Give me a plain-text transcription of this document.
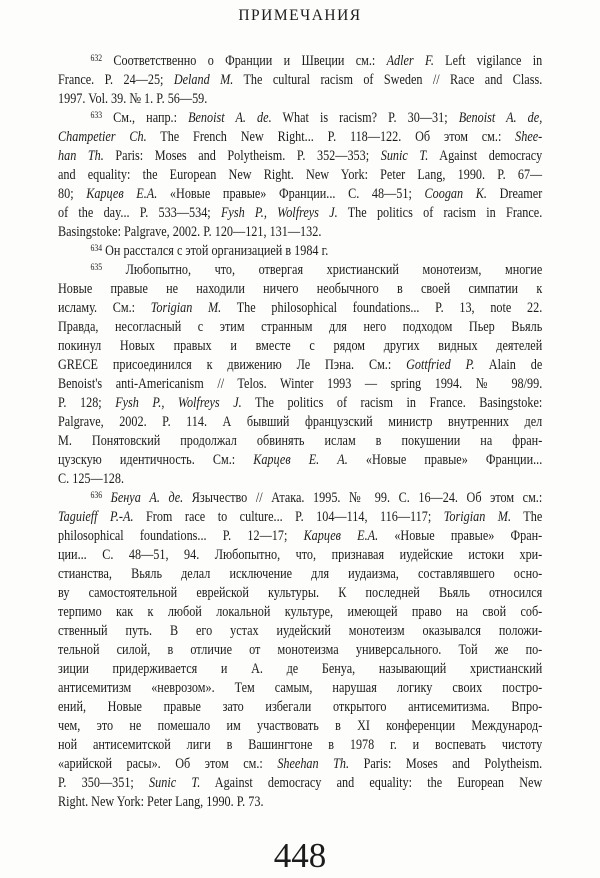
ПРИМЕЧАНИЯ
$^{632}$ Соответственно о Франции и Швеции см.: Adler F. Left vigilance in
France. P. 24—25; Deland M. The cultural racism of Sweden // Race and Class.
1997. Vol. 39. № 1. P. 56—59.
$^{633}$ См., напр.: Benoist A. de. What is racism? P. 30—31; Benoist A. de,
Champetier Ch. The French New Right... P. 118—122. Об этом см.: Shee-
han Th. Paris: Moses and Polytheism. P. 352—353; Sunic T. Against democracy
and equality: the European New Right. New York: Peter Lang, 1990. P. 67—
80; Карцев Е.А. «Новые правые» Франции... С. 48—51; Coogan K. Dreamer
of the day... P. 533—534; Fysh P., Wolfreys J. The politics of racism in France.
Basingstoke: Palgrave, 2002. P. 120—121, 131—132.
$^{634}$ Он расстался с этой организацией в 1984 г.
$^{635}$ Любопытно, что, отвергая христианский монотеизм, многие
Новые правые не находили ничего необычного в своей симпатии к
исламу. См.: Torigian M. The philosophical foundations... P. 13, note 22.
Правда, несогласный с этим странным для него подходом Пьер Вьяль
покинул Новых правых и вместе с рядом других видных деятелей
GRECE присоединился к движению Ле Пэна. См.: Gottfried P. Alain de
Benoist's anti-Americanism // Telos. Winter 1993 — spring 1994. № 98/99.
P. 128; Fysh P., Wolfreys J. The politics of racism in France. Basingstoke:
Palgrave, 2002. P. 114. А бывший французский министр внутренних дел
М. Понятовский продолжал обвинять ислам в покушении на фран-
цузскую идентичность. См.: Карцев Е. А. «Новые правые» Франции...
С. 125—128.
$^{636}$ Бенуа А. де. Язычество // Атака. 1995. № 99. С. 16—24. Об этом см.:
Taguieff P.-A. From race to culture... P. 104—114, 116—117; Torigian M. The
philosophical foundations... P. 12—17; Карцев Е.А. «Новые правые» Фран-
ции... С. 48—51, 94. Любопытно, что, признавая иудейские истоки хри-
стианства, Вьяль делал исключение для иудаизма, составлявшего осно-
ву самостоятельной еврейской культуры. К последней Вьяль относился
терпимо как к любой локальной культуре, имеющей право на свой соб-
ственный путь. В его устах иудейский монотеизм оказывался положи-
тельной силой, в отличие от монотеизма универсального. Той же по-
зиции придерживается и А. де Бенуа, называющий христианский
антисемитизм «неврозом». Тем самым, нарушая логику своих постро-
ений, Новые правые зато избегали открытого антисемитизма. Впро-
чем, это не помешало им участвовать в XI конференции Международ-
ной антисемитской лиги в Вашингтоне в 1978 г. и воспевать чистоту
«арийской расы». Об этом см.: Sheehan Th. Paris: Moses and Polytheism.
P. 350—351; Sunic T. Against democracy and equality: the European New
Right. New York: Peter Lang, 1990. P. 73.
448
